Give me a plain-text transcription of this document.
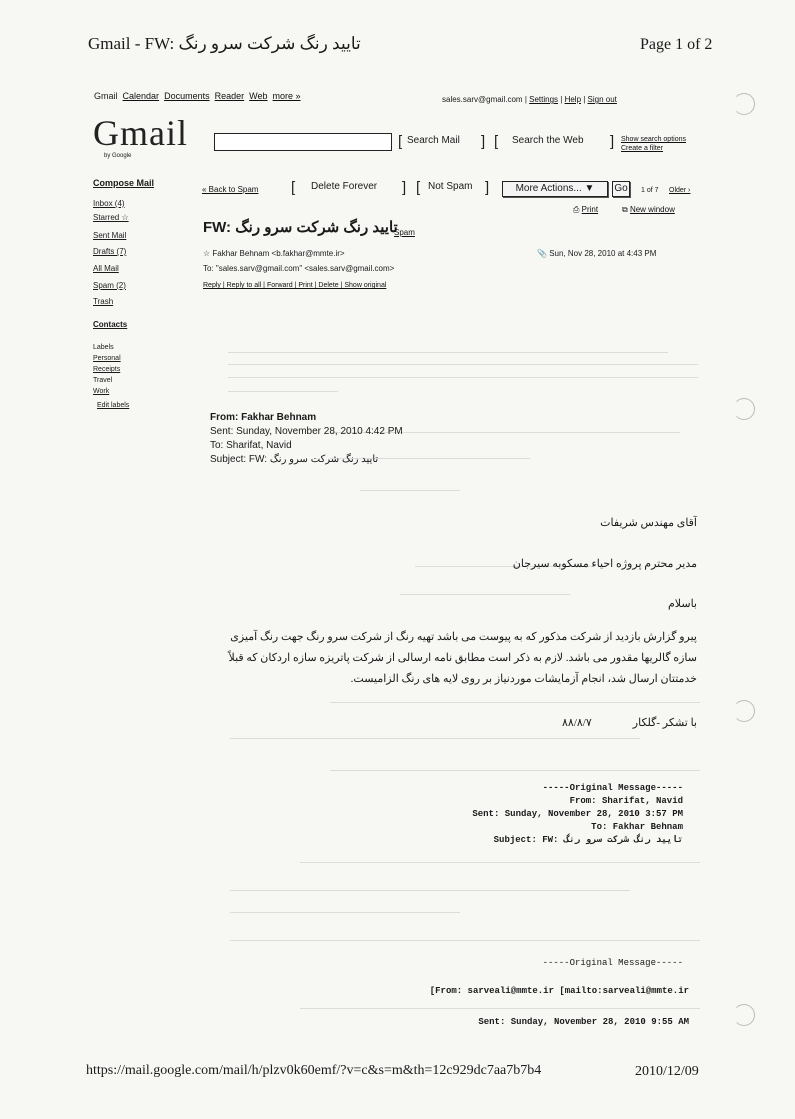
Gmail - FW: تایید رنگ شرکت سرو رنگ	Page 1 of 2
Gmail Calendar Documents Reader Web more »	sales.sarv@gmail.com | Settings | Help | Sign out
Gmail
by Google
[ Search Mail ] [ Search the Web ] Show search options
Create a filter
Compose Mail
Inbox (4)
Starred ☆
Sent Mail
Drafts (7)
All Mail
Spam (2)
Trash
Contacts
Labels
Personal
Receipts
Travel
Work
Edit labels
« Back to Spam [ Delete Forever ] [ Not Spam ]	More Actions... ▼	Go	1 of 7 Older ›
⎙ Print	⧉ New window
FW: تایید رنگ شرکت سرو رنگ
Spam
☆ Fakhar Behnam <b.fakhar@mmte.ir>	📎 Sun, Nov 28, 2010 at 4:43 PM
To: "sales.sarv@gmail.com" <sales.sarv@gmail.com>
Reply | Reply to all | Forward | Print | Delete | Show original
From: Fakhar Behnam
Sent: Sunday, November 28, 2010 4:42 PM
To: Sharifat, Navid
Subject: FW: تایید رنگ شرکت سرو رنگ
آقای مهندس شریفات
مدیر محترم پروژه احیاء مسکوبه سیرجان
باسلام
پیرو گزارش بازدید از شرکت مذکور که به پیوست می باشد تهیه رنگ از شرکت سرو رنگ جهت رنگ آمیزی سازه گالریها مقدور می باشد. لازم به ذکر است مطابق نامه ارسالی از شرکت پاتریزه سازه اردکان که قبلاً خدمتتان ارسال شد، انجام آزمایشات موردنیاز بر روی لایه های رنگ الزامیست.
با تشکر -گلکار
۸۸/۸/۷
-----Original Message-----
From: Sharifat, Navid
Sent: Sunday, November 28, 2010 3:57 PM
To: Fakhar Behnam
Subject: FW: تایید رنگ شرکت سرو رنگ
-----Original Message-----
[From: sarveali@mmte.ir [mailto:sarveali@mmte.ir
Sent: Sunday, November 28, 2010 9:55 AM
https://mail.google.com/mail/h/plzv0k60emf/?v=c&s=m&th=12c929dc7aa7b7b4	2010/12/09
